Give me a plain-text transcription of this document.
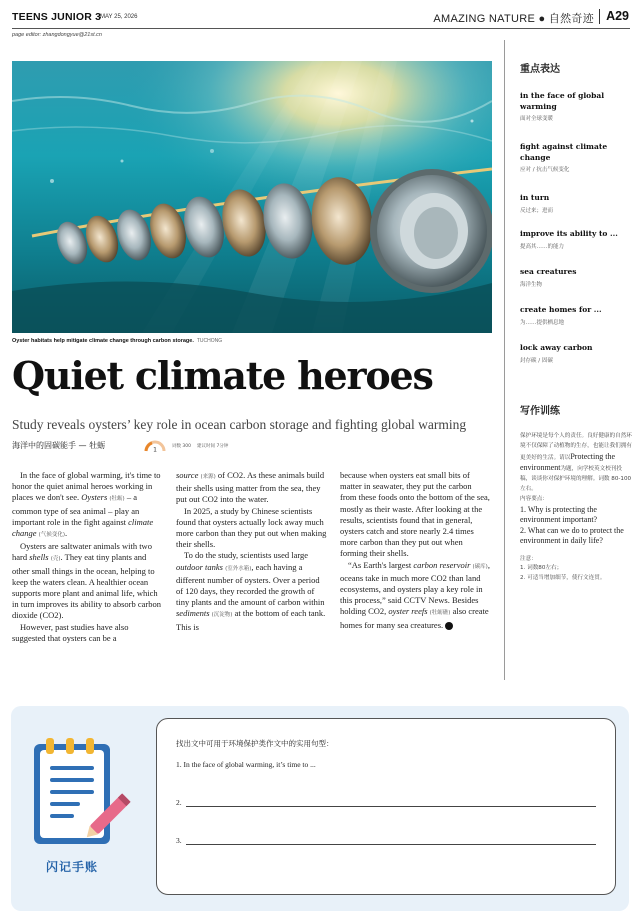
TEENS JUNIOR 3
MAY 25, 2026	AMAZING NATURE ● 自然奇迹 A29
page editor: zhangdongyue@21st.cn
Oyster habitats help mitigate climate change through carbon storage. TUCHONG
Quiet climate heroes

Study reveals oysters’ key role in ocean carbon storage and fighting global warming

海洋中的固碳能手 — 牡蛎	1	词数 300 建议时间 7分钟

In the face of global warming, it's time to honor the quiet animal heroes working in places we don't see. Oysters (牡蛎) – a common type of sea animal – play an important role in the fight against climate change (气候变化).

Oysters are saltwater animals with two hard shells (壳). They eat tiny plants and other small things in the ocean, helping to keep the waters clean. A healthier ocean supports more plant and animal life, which in turn improves its ability to absorb carbon dioxide (CO2).

However, past studies have also suggested that oysters can be a

source (来源) of CO2. As these animals build their shells using matter from the sea, they put out CO2 into the water.

In 2025, a study by Chinese scientists found that oysters actually lock away much more carbon than they put out when making their shells.

To do the study, scientists used large outdoor tanks (室外水箱), each having a different number of oysters. Over a period of 120 days, they recorded the growth of tiny plants and the amount of carbon within sediments (沉淀物) at the bottom of each tank. This is

because when oysters eat small bits of matter in seawater, they put the carbon from these foods onto the bottom of the sea, mostly as their waste. After looking at the results, scientists found that in general, oysters catch and store nearly 2.4 times more carbon than they put out when forming their shells.

“As Earth's largest carbon reservoir (碳库), oceans take in much more CO2 than land ecosystems, and oysters play a key role in this process,” said CCTV News. Besides holding CO2, oyster reefs (牡蛎礁) also create homes for many sea creatures. T

重点表达
in the face of global warming
面对全球变暖
fight against climate change
应对 / 抗击气候变化
in turn
反过来；进而
improve its ability to ...
提高其……的能力
sea creatures
海洋生物
create homes for ...
为……提供栖息地
lock away carbon
封存碳 / 固碳
写作训练

保护环境是每个人的责任。良好健康的自然环境不仅保障了动植物的生存，也能让我们拥有更美好的生活。请以Protecting the environment为题，向学校英文校刊投稿，谈谈你对保护环境的理解。词数 80-100 左右。

内容要点：

1. Why is protecting the environment important?

2. What can we do to protect the environment in daily life?

注意：

1. 词数80左右；

2. 可适当增加细节，使行文连贯。

闪记手账
找出文中可用于环境保护类作文中的实用句型：
1. In the face of global warming, it’s time to ...
2.
3.
